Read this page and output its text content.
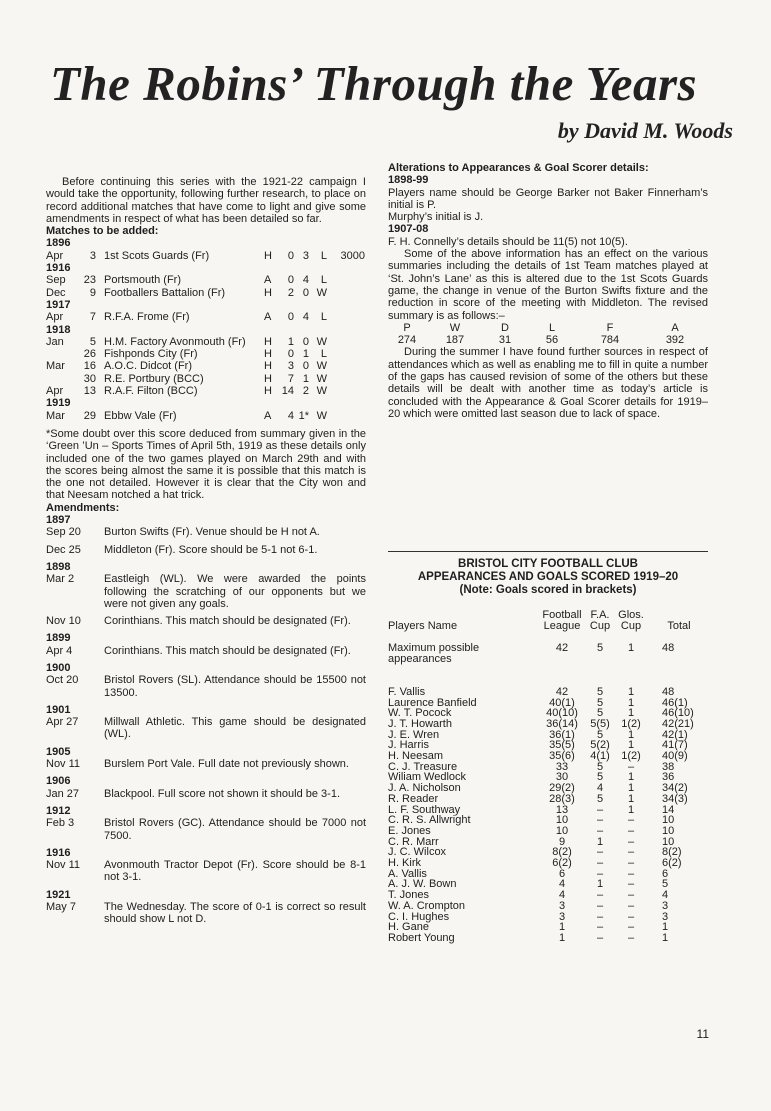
The Robins’ Through the Years
by David M. Woods

Before continuing this series with the 1921-22 campaign I would take the opportunity, following further research, to place on record additional matches that have come to light and give some amendments in respect of what has been detailed so far.

Matches to be added:
1896
Apr 3 1st Scots Guards (Fr)	H	0 3	L	3000
1916
Sep 23 Portsmouth (Fr)	A	0 4	L
Dec 9 Footballers Battalion (Fr)	H	2 0 W
1917
Apr 7 R.F.A. Frome (Fr)	A	0 4	L
1918
Jan 5 H.M. Factory Avonmouth (Fr)	H	1 0 W
26 Fishponds City (Fr)	H	0 1	L
Mar 16 A.O.C. Didcot (Fr)	H	3 0 W
30 R.E. Portbury (BCC)	H	7 1 W
Apr 13 R.A.F. Filton (BCC)	H 14 2 W
1919
Mar 29 Ebbw Vale (Fr)	A	4 1* W

*Some doubt over this score deduced from summary given in the ‘Green ’Un – Sports Times of April 5th, 1919 as these details only included one of the two games played on March 29th and with the scores being almost the same it is possible that this match is the one not detailed. However it is clear that the City won and that Neesam notched a hat trick.

Amendments:
1897
Sep 20	Burton Swifts (Fr). Venue should be H not A.
Dec 25	Middleton (Fr). Score should be 5-1 not 6-1.
1898
Mar 2	Eastleigh (WL). We were awarded the points following the scratching of our opponents but we were not given any goals.
Nov 10	Corinthians. This match should be designated (Fr).
1899
Apr 4	Corinthians. This match should be designated (Fr).
1900
Oct 20	Bristol Rovers (SL). Attendance should be 15500 not 13500.
1901
Apr 27	Millwall Athletic. This game should be designated (WL).
1905
Nov 11	Burslem Port Vale. Full date not previously shown.
1906
Jan 27	Blackpool. Full score not shown it should be 3-1.
1912
Feb 3	Bristol Rovers (GC). Attendance should be 7000 not 7500.
1916
Nov 11	Avonmouth Tractor Depot (Fr). Score should be 8-1 not 3-1.
1921
May 7	The Wednesday. The score of 0-1 is correct so result should show L not D.
Alterations to Appearances & Goal Scorer details:
1898-99

Players name should be George Barker not Baker Finnerham’s initial is P.

Murphy’s initial is J.

1907-08

F. H. Connelly’s details should be 11(5) not 10(5).

Some of the above information has an effect on the various summaries including the details of 1st Team matches played at ‘St. John’s Lane’ as this is altered due to the 1st Scots Guards game, the change in venue of the Burton Swifts fixture and the reduction in score of the meeting with Middleton. The revised summary is as follows:–

P	W	D	L	F	A
274	187	31	56	784	392

During the summer I have found further sources in respect of attendances which as well as enabling me to fill in quite a number of the gaps has caused revision of some of the others but these details will be dealt with another time as today’s article is concluded with the Appearance & Goal Scorer details for 1919–20 which were omitted last season due to lack of space.

BRISTOL CITY FOOTBALL CLUB
APPEARANCES AND GOALS SCORED 1919–20
(Note: Goals scored in brackets)
Players Name	Football League	F.A. Cup	Glos. Cup	Total
Maximum possible appearances	42	5	1	48
F. Vallis	42	5	1	48
Laurence Banfield	40(1)	5	1	46(1)
W. T. Pocock	40(10)	5	1	46(10)
J. T. Howarth	36(14)	5(5)	1(2)	42(21)
J. E. Wren	36(1)	5	1	42(1)
J. Harris	35(5)	5(2)	1	41(7)
H. Neesam	35(6)	4(1)	1(2)	40(9)
C. J. Treasure	33	5	–	38
Wiliam Wedlock	30	5	1	36
J. A. Nicholson	29(2)	4	1	34(2)
R. Reader	28(3)	5	1	34(3)
L. F. Southway	13	–	1	14
C. R. S. Allwright	10	–	–	10
E. Jones	10	–	–	10
C. R. Marr	9	1	–	10
J. C. Wilcox	8(2)	–	–	8(2)
H. Kirk	6(2)	–	–	6(2)
A. Vallis	6	–	–	6
A. J. W. Bown	4	1	–	5
T. Jones	4	–	–	4
W. A. Crompton	3	–	–	3
C. I. Hughes	3	–	–	3
H. Gane	1	–	–	1
Robert Young	1	–	–	1
11
